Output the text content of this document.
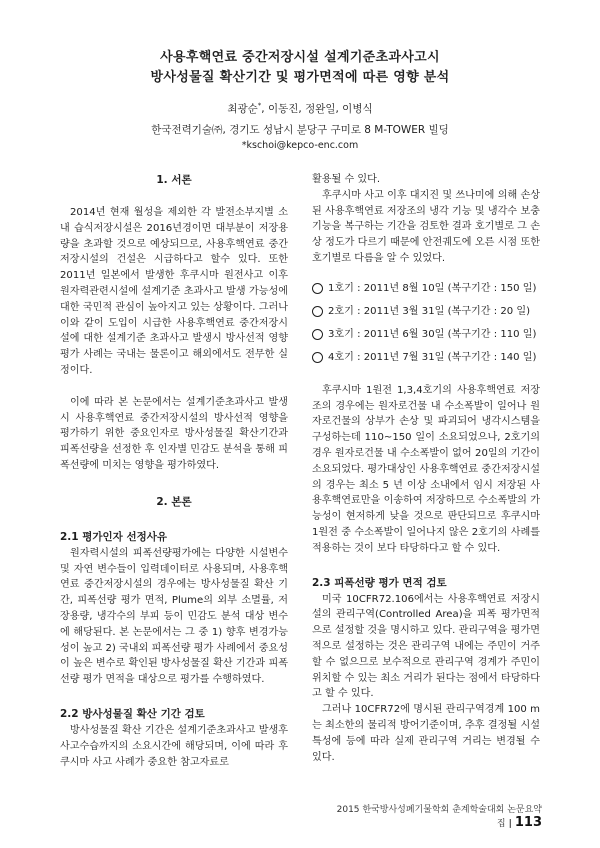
사용후핵연료 중간저장시설 설계기준초과사고시
방사성물질 확산기간 및 평가면적에 따른 영향 분석
최광순*, 이동진, 정완일, 이병식
한국전력기술㈜, 경기도 성남시 분당구 구미로 8 M-TOWER 빌딩
*kschoi@kepco-enc.com

1. 서론

2014년 현재 월성을 제외한 각 발전소부지별 소내 습식저장시설은 2016년경이면 대부분이 저장용량을 초과할 것으로 예상되므로, 사용후핵연료 중간저장시설의 건설은 시급하다고 할수 있다. 또한 2011년 일본에서 발생한 후쿠시마 원전사고 이후 원자력관련시설에 설계기준 초과사고 발생 가능성에 대한 국민적 관심이 높아지고 있는 상황이다. 그러나 이와 같이 도입이 시급한 사용후핵연료 중간저장시설에 대한 설계기준 초과사고 발생시 방사선적 영향 평가 사례는 국내는 물론이고 해외에서도 전무한 실정이다.

이에 따라 본 논문에서는 설계기준초과사고 발생시 사용후핵연료 중간저장시설의 방사선적 영향을 평가하기 위한 중요인자로 방사성물질 확산기간과 피폭선량을 선정한 후 인자별 민감도 분석을 통해 피폭선량에 미치는 영향을 평가하였다.

2. 본론

2.1 평가인자 선정사유

원자력시설의 피폭선량평가에는 다양한 시설변수 및 자연 변수들이 입력데이터로 사용되며, 사용후핵연료 중간저장시설의 경우에는 방사성물질 확산 기간, 피폭선량 평가 면적, Plume의 외부 소멸률, 저장용량, 냉각수의 부피 등이 민감도 분석 대상 변수에 해당된다. 본 논문에서는 그 중 1) 향후 변경가능성이 높고 2) 국내외 피폭선량 평가 사례에서 중요성이 높은 변수로 확인된 방사성물질 확산 기간과 피폭선량 평가 면적을 대상으로 평가를 수행하였다.

2.2 방사성물질 확산 기간 검토

방사성물질 확산 기간은 설계기준초과사고 발생후 사고수습까지의 소요시간에 해당되며, 이에 따라 후쿠시마 사고 사례가 중요한 참고자료로

활용될 수 있다.

후쿠시마 사고 이후 대지진 및 쓰나미에 의해 손상된 사용후핵연료 저장조의 냉각 기능 및 냉각수 보충기능을 복구하는 기간을 검토한 결과 호기별로 그 손상 정도가 다르기 때문에 안전궤도에 오른 시점 또한 호기별로 다름을 알 수 있었다.

1호기 : 2011년 8월 10일 (복구기간 : 150 일)
2호기 : 2011년 3월 31일 (복구기간 : 20 일)
3호기 : 2011년 6월 30일 (복구기간 : 110 일)
4호기 : 2011년 7월 31일 (복구기간 : 140 일)

후쿠시마 1원전 1,3,4호기의 사용후핵연료 저장조의 경우에는 원자로건물 내 수소폭발이 일어나 원자로건물의 상부가 손상 및 파괴되어 냉각시스템을 구성하는데 110~150 일이 소요되었으나, 2호기의 경우 원자로건물 내 수소폭발이 없어 20일의 기간이 소요되었다. 평가대상인 사용후핵연료 중간저장시설의 경우는 최소 5 년 이상 소내에서 임시 저장된 사용후핵연료만을 이송하여 저장하므로 수소폭발의 가능성이 현저하게 낮을 것으로 판단되므로 후쿠시마 1원전 중 수소폭발이 일어나지 않은 2호기의 사례를 적용하는 것이 보다 타당하다고 할 수 있다.

2.3 피폭선량 평가 면적 검토

미국 10CFR72.106에서는 사용후핵연료 저장시설의 관리구역(Controlled Area)을 피폭 평가면적으로 설정할 것을 명시하고 있다. 관리구역을 평가면적으로 설정하는 것은 관리구역 내에는 주민이 거주할 수 없으므로 보수적으로 관리구역 경계가 주민이 위치할 수 있는 최소 거리가 된다는 점에서 타당하다고 할 수 있다.

그러나 10CFR72에 명시된 관리구역경계 100 m는 최소한의 물리적 방어기준이며, 추후 결정될 시설특성에 등에 따라 실제 관리구역 거리는 변경될 수 있다.

2015 한국방사성폐기물학회 춘계학술대회 논문요약집 | 113
